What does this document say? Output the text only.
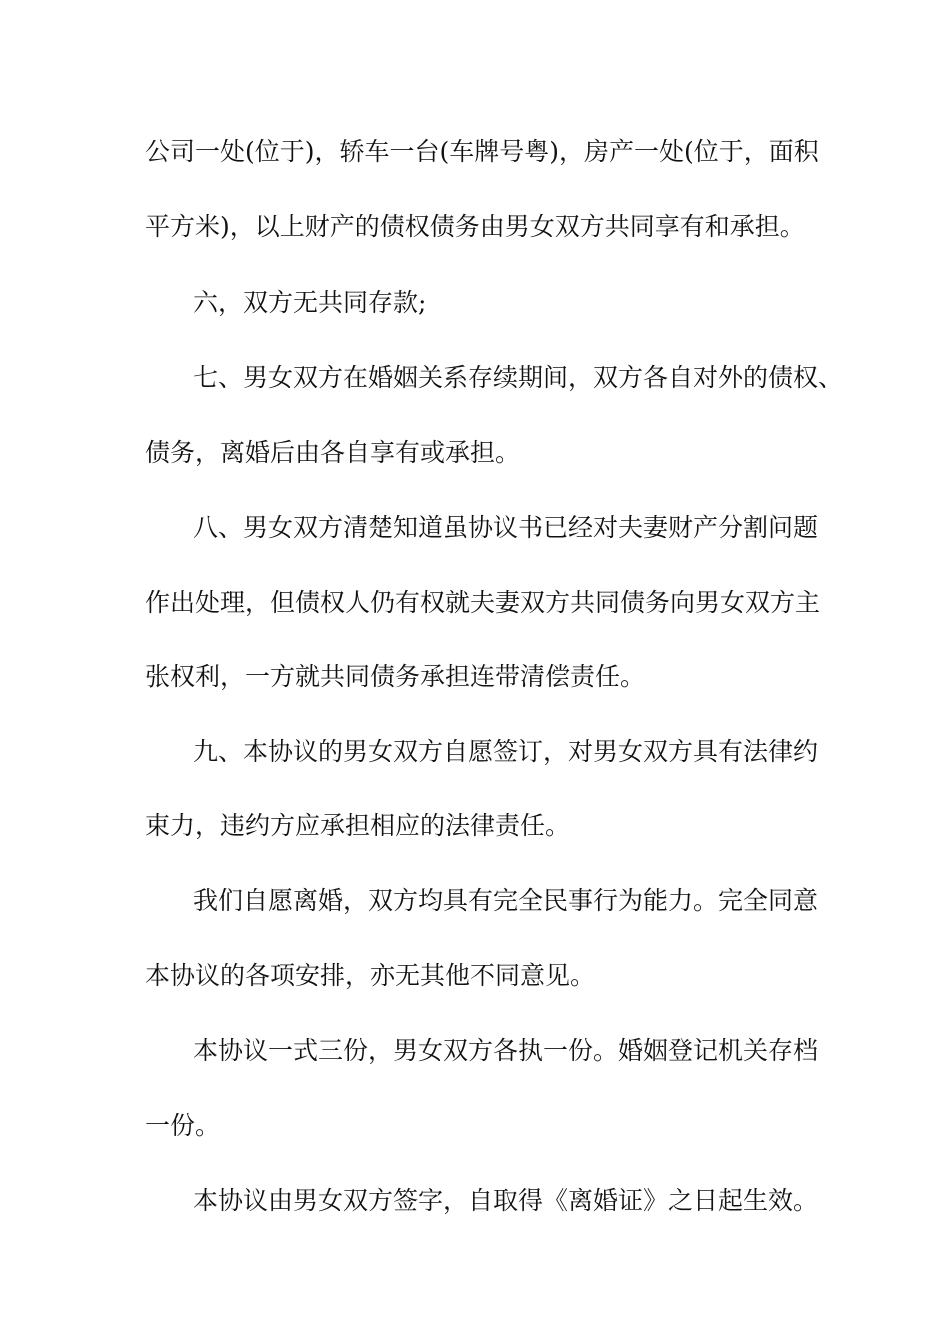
公司一处(位于)，轿车一台(车牌号粤)，房产一处(位于，面积
平方米)，以上财产的债权债务由男女双方共同享有和承担。
六，双方无共同存款;
七、男女双方在婚姻关系存续期间，双方各自对外的债权、
债务，离婚后由各自享有或承担。
八、男女双方清楚知道虽协议书已经对夫妻财产分割问题
作出处理，但债权人仍有权就夫妻双方共同债务向男女双方主
张权利，一方就共同债务承担连带清偿责任。
九、本协议的男女双方自愿签订，对男女双方具有法律约
束力，违约方应承担相应的法律责任。
我们自愿离婚，双方均具有完全民事行为能力。完全同意
本协议的各项安排，亦无其他不同意见。
本协议一式三份，男女双方各执一份。婚姻登记机关存档
一份。
本协议由男女双方签字，自取得《离婚证》之日起生效。
